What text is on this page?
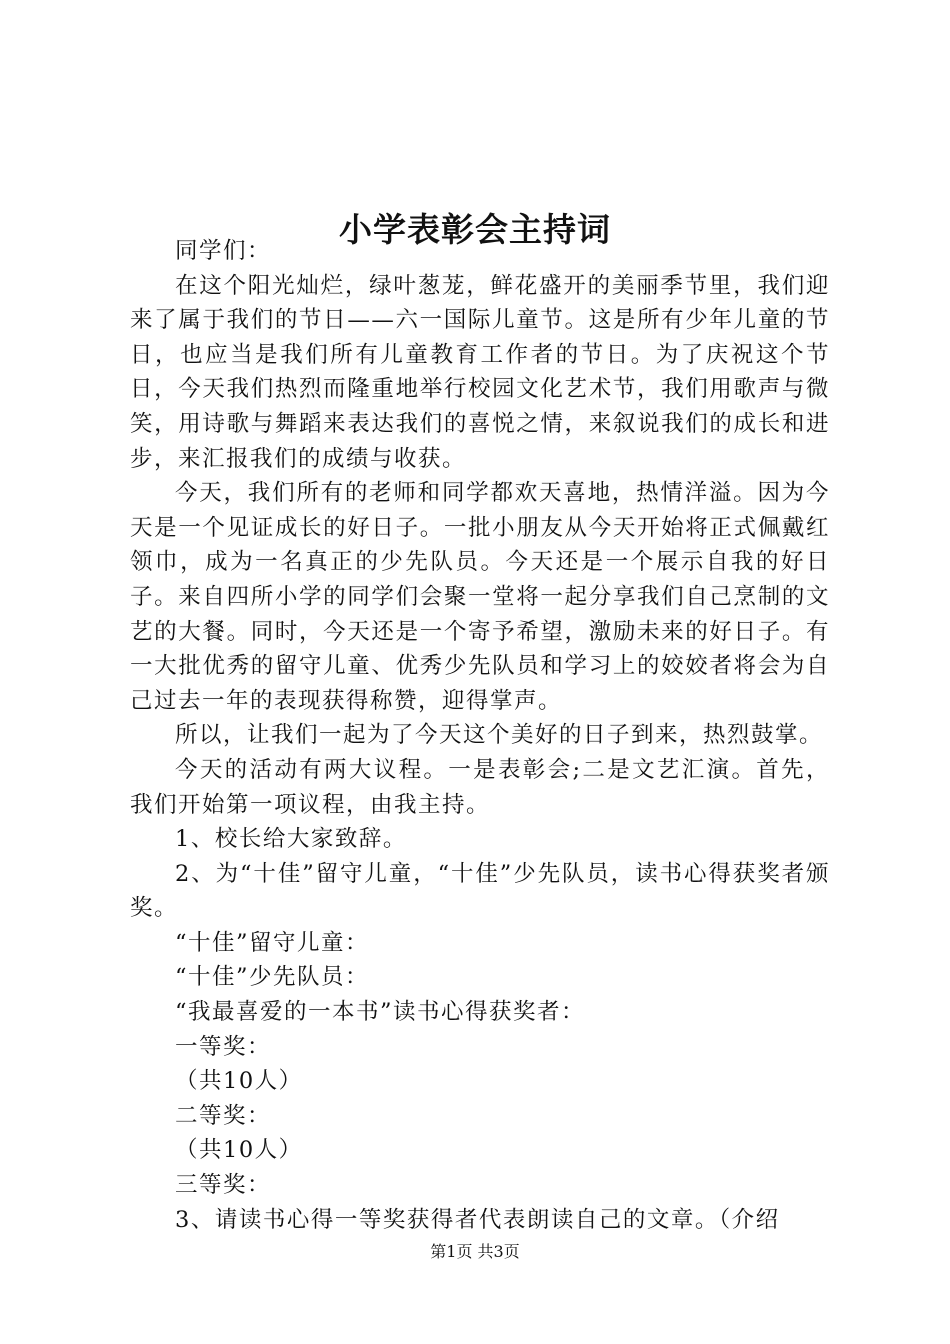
小学表彰会主持词

同学们：

在这个阳光灿烂，绿叶葱茏，鲜花盛开的美丽季节里，我们迎来了属于我们的节日——六一国际儿童节。这是所有少年儿童的节日，也应当是我们所有儿童教育工作者的节日。为了庆祝这个节日，今天我们热烈而隆重地举行校园文化艺术节，我们用歌声与微笑，用诗歌与舞蹈来表达我们的喜悦之情，来叙说我们的成长和进步，来汇报我们的成绩与收获。

今天，我们所有的老师和同学都欢天喜地，热情洋溢。因为今天是一个见证成长的好日子。一批小朋友从今天开始将正式佩戴红领巾，成为一名真正的少先队员。今天还是一个展示自我的好日子。来自四所小学的同学们会聚一堂将一起分享我们自己烹制的文艺的大餐。同时，今天还是一个寄予希望，激励未来的好日子。有一大批优秀的留守儿童、优秀少先队员和学习上的姣姣者将会为自己过去一年的表现获得称赞，迎得掌声。

所以，让我们一起为了今天这个美好的日子到来，热烈鼓掌。

今天的活动有两大议程。一是表彰会;二是文艺汇演。首先，我们开始第一项议程，由我主持。

1、校长给大家致辞。

2、为“十佳”留守儿童，“十佳”少先队员，读书心得获奖者颁奖。

“十佳”留守儿童：

“十佳”少先队员：

“我最喜爱的一本书”读书心得获奖者：

一等奖：

（共10人）

二等奖：

（共10人）

三等奖：

3、请读书心得一等奖获得者代表朗读自己的文章。（介绍

第1页 共3页
